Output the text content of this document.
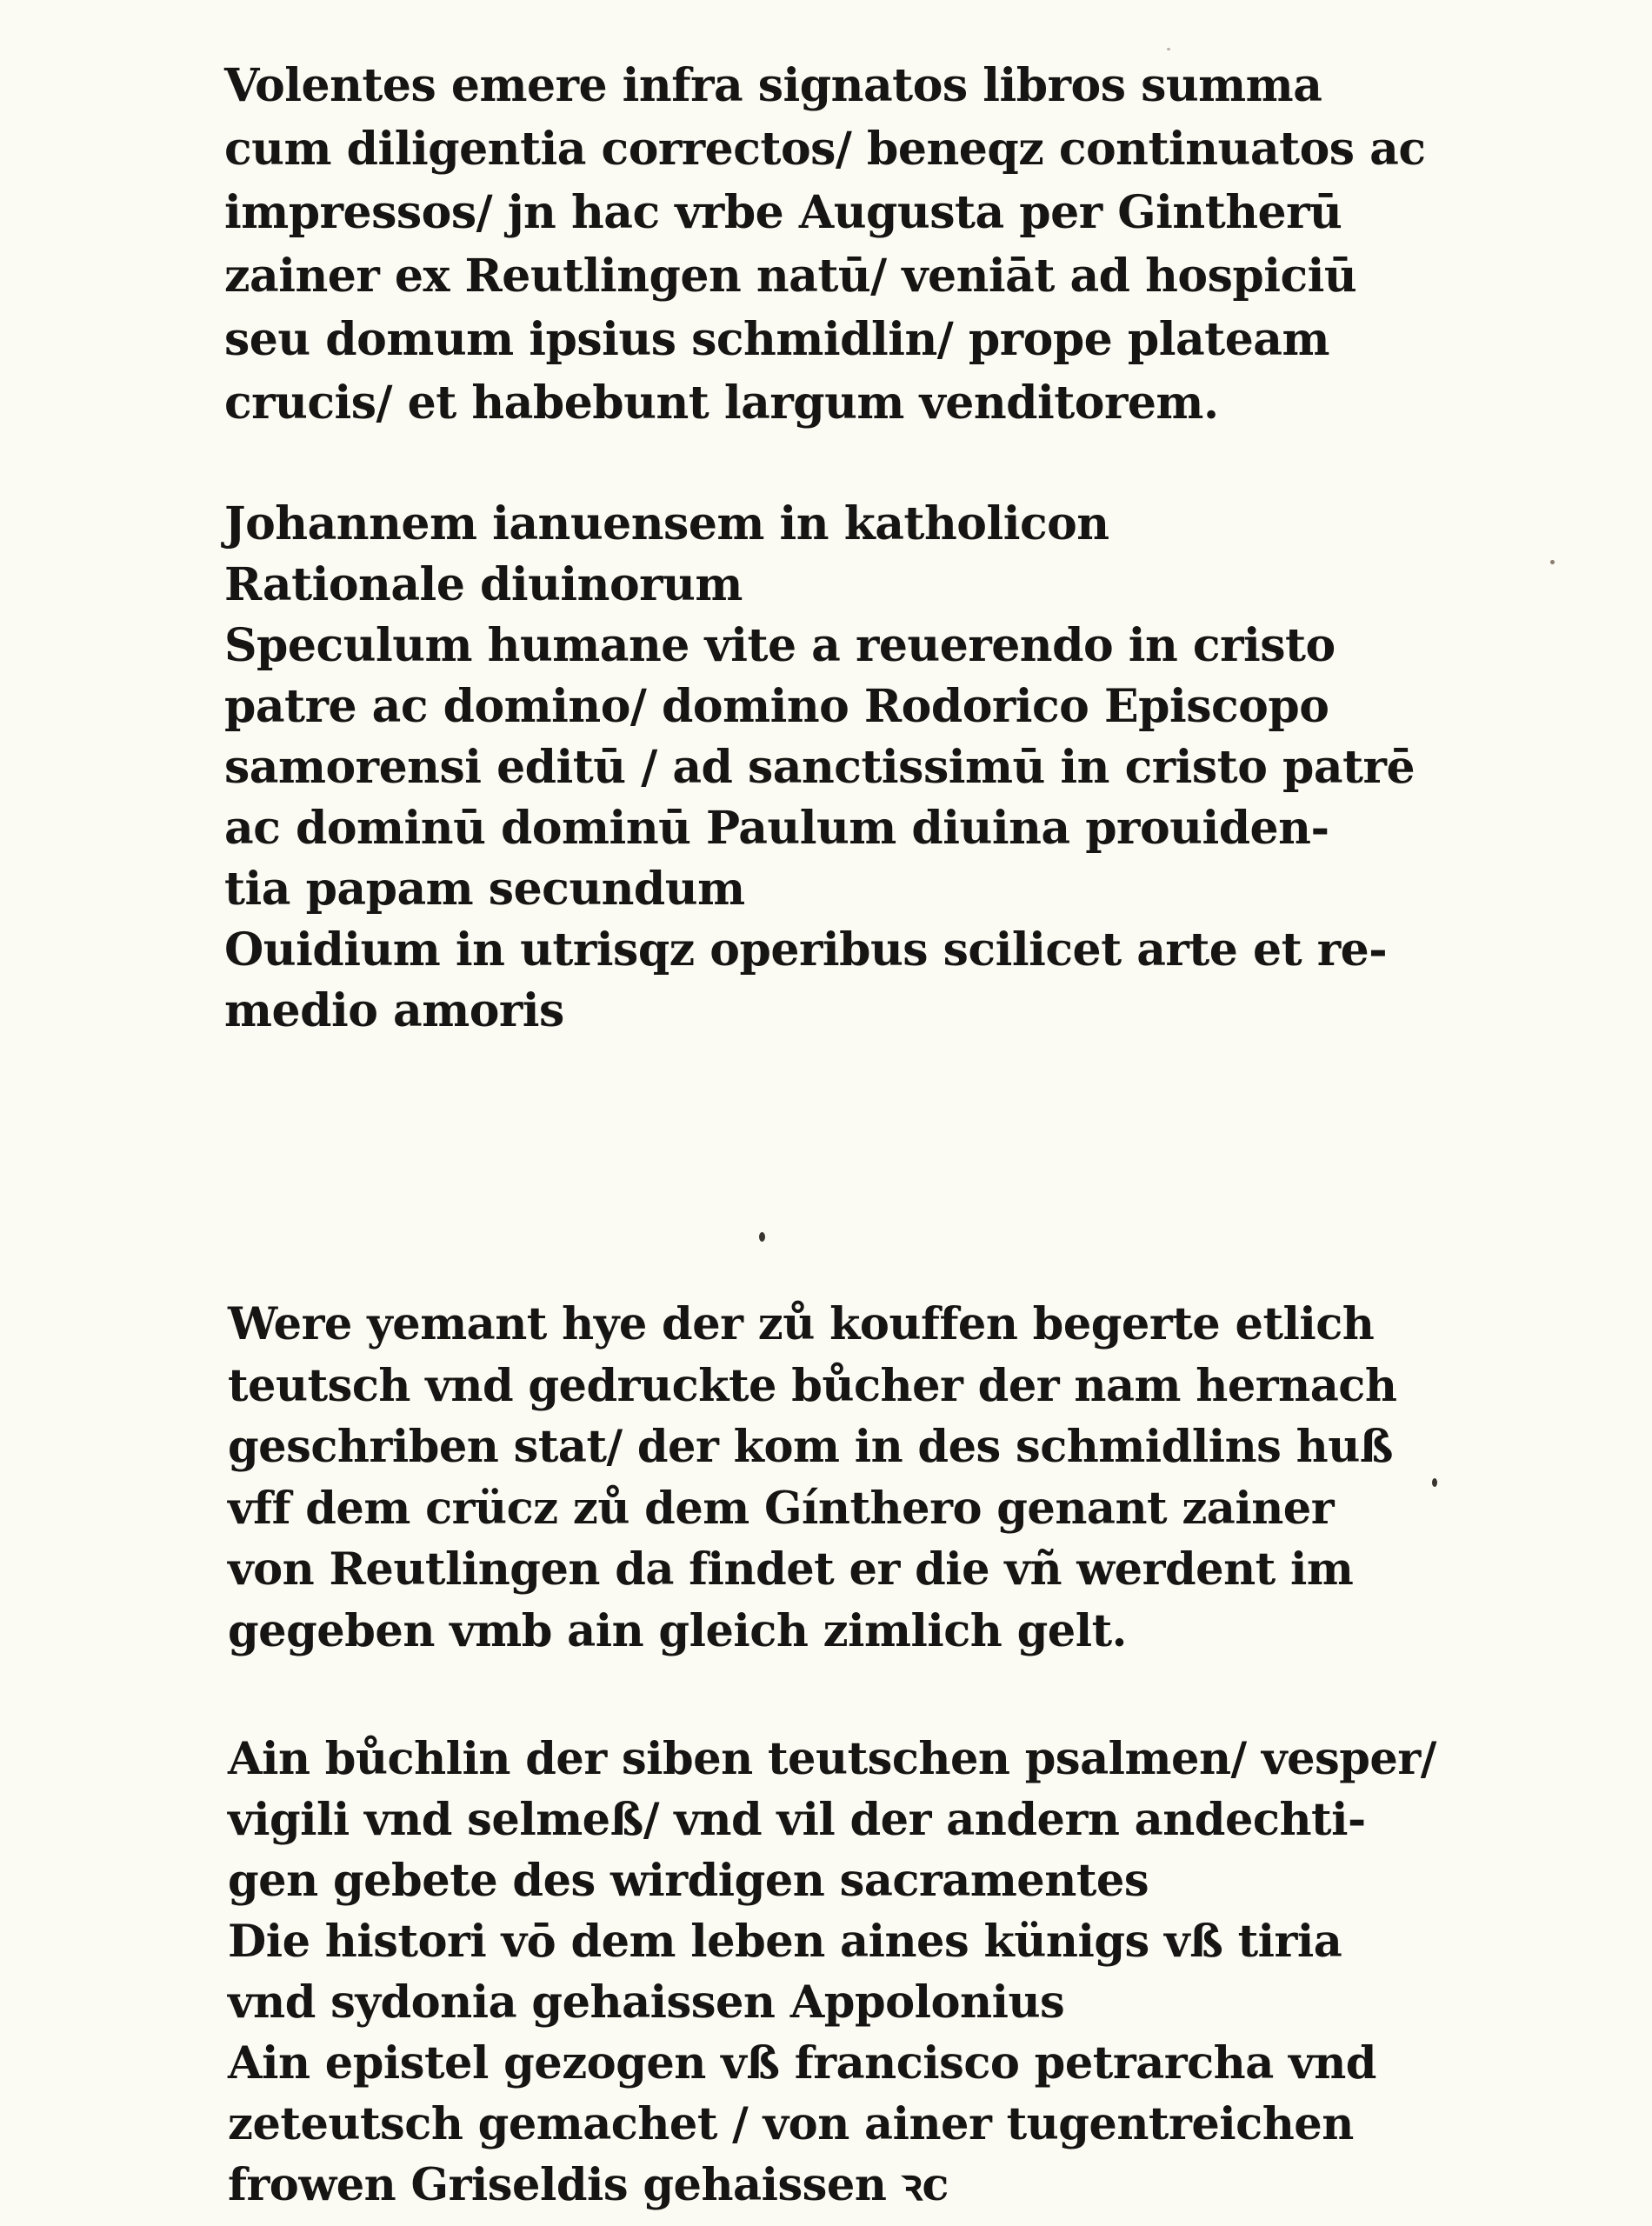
Volentes emere infra signatos libros summa
cum diligentia correctos/ beneqz continuatos ac
impressos/ jn hac vrbe Augusta per Gintherū
zainer ex Reutlingen natū/ veniāt ad hospiciū
seu domum ipsius schmidlin/ prope plateam
crucis/ et habebunt largum venditorem.
Johannem ianuensem in katholicon
Rationale diuinorum
Speculum humane vite a reuerendo in cristo
patre ac domino/ domino Rodorico Episcopo
samorensi editū / ad sanctissimū in cristo patrē
ac dominū dominū Paulum diuina prouiden-
tia papam secundum
Ouidium in utrisqz operibus scilicet arte et re-
medio amoris
Were yemant hye der zů kouffen begerte etlich
teutsch vnd gedruckte bůcher der nam hernach
geschriben stat/ der kom in des schmidlins huß
vff dem crücz zů dem Gínthero genant zainer
von Reutlingen da findet er die vñ werdent im
gegeben vmb ain gleich zimlich gelt.
Ain bůchlin der siben teutschen psalmen/ vesper/
vigili vnd selmeß/ vnd vil der andern andechti-
gen gebete des wirdigen sacramentes
Die histori vō dem leben aines künigs vß tiria
vnd sydonia gehaissen Appolonius
Ain epistel gezogen vß francisco petrarcha vnd
zeteutsch gemachet / von ainer tugentreichen
frowen Griseldis gehaissen ꝛc
